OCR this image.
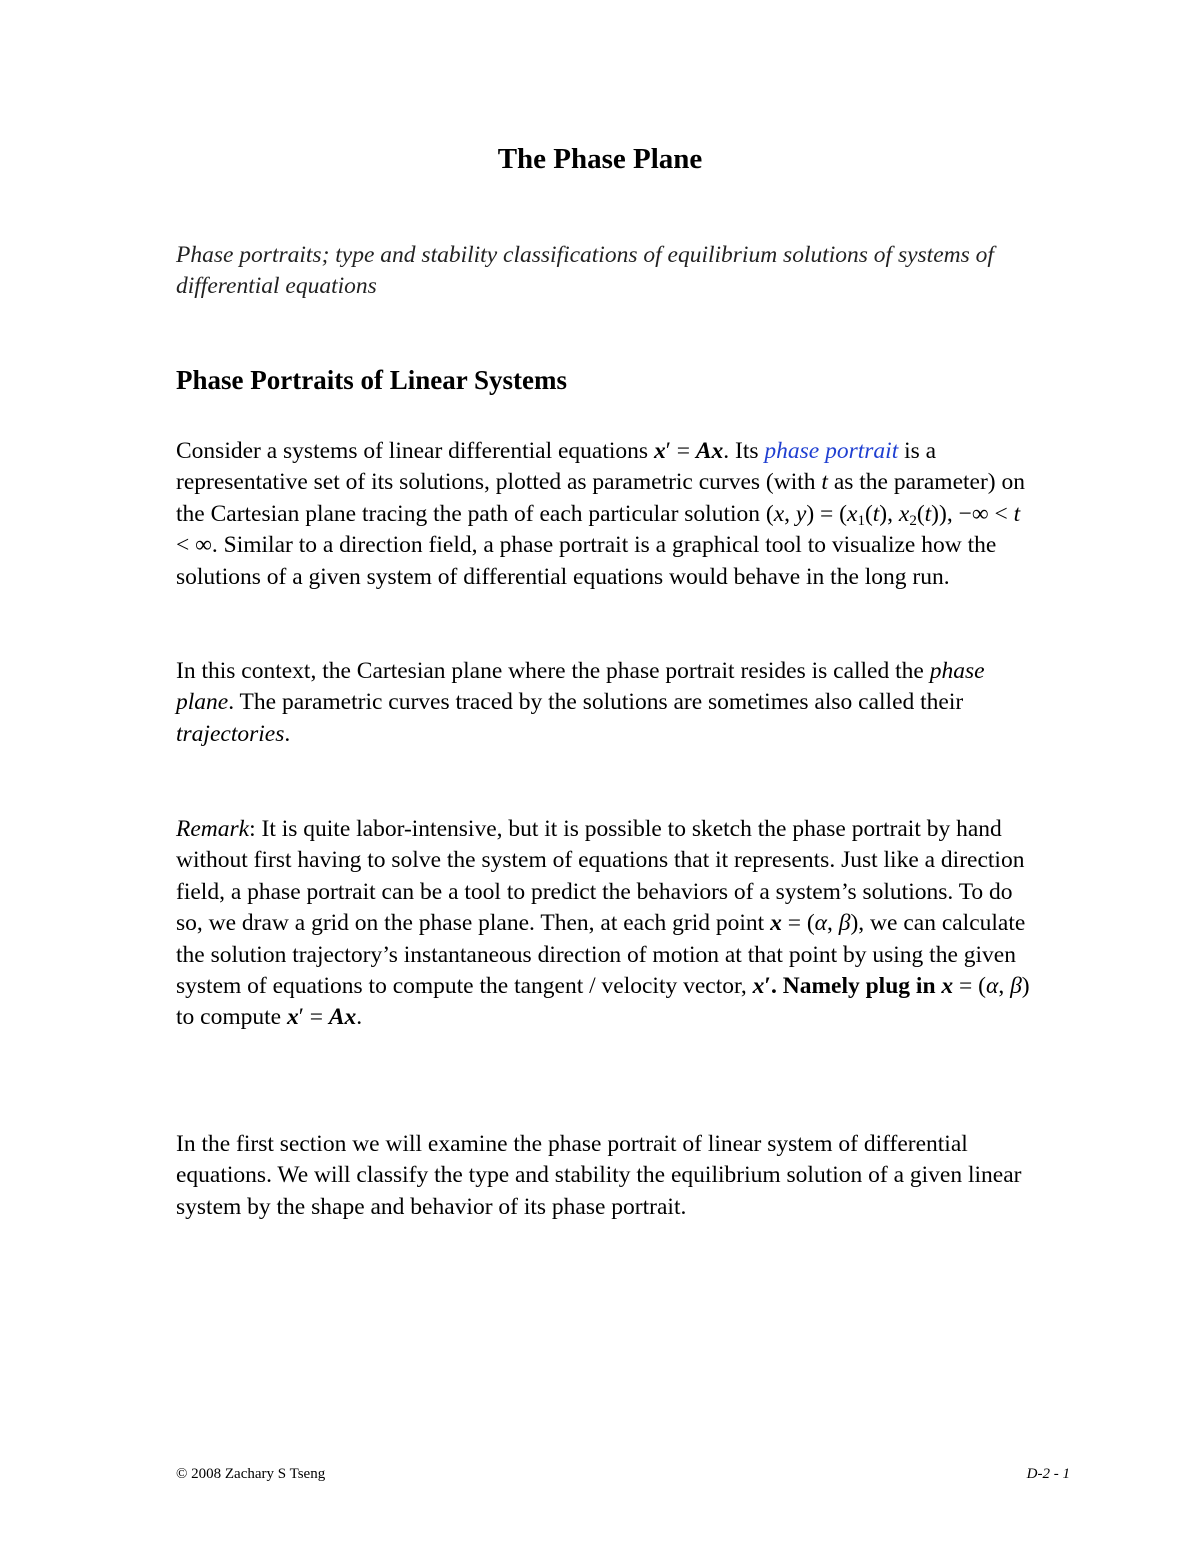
The Phase Plane
Phase portraits; type and stability classifications of equilibrium solutions of systems of differential equations
Phase Portraits of Linear Systems
Consider a systems of linear differential equations x′ = Ax. Its phase portrait is a representative set of its solutions, plotted as parametric curves (with t as the parameter) on the Cartesian plane tracing the path of each particular solution (x, $y) = (x_1(t)$, $x_2(t)$), −∞ < t < ∞. Similar to a direction field, a phase portrait is a graphical tool to visualize how the solutions of a given system of differential equations would behave in the long run.
In this context, the Cartesian plane where the phase portrait resides is called the phase plane. The parametric curves traced by the solutions are sometimes also called their trajectories.
Remark: It is quite labor-intensive, but it is possible to sketch the phase portrait by hand without first having to solve the system of equations that it represents. Just like a direction field, a phase portrait can be a tool to predict the behaviors of a system’s solutions. To do so, we draw a grid on the phase plane. Then, at each grid point x = (α, β), we can calculate the solution trajectory’s instantaneous direction of motion at that point by using the given system of equations to compute the tangent / velocity vector, x′. Namely plug in x = (α, β) to compute x′ = Ax.
In the first section we will examine the phase portrait of linear system of differential equations. We will classify the type and stability the equilibrium solution of a given linear system by the shape and behavior of its phase portrait.
© 2008 Zachary S Tseng	D-2 - 1
